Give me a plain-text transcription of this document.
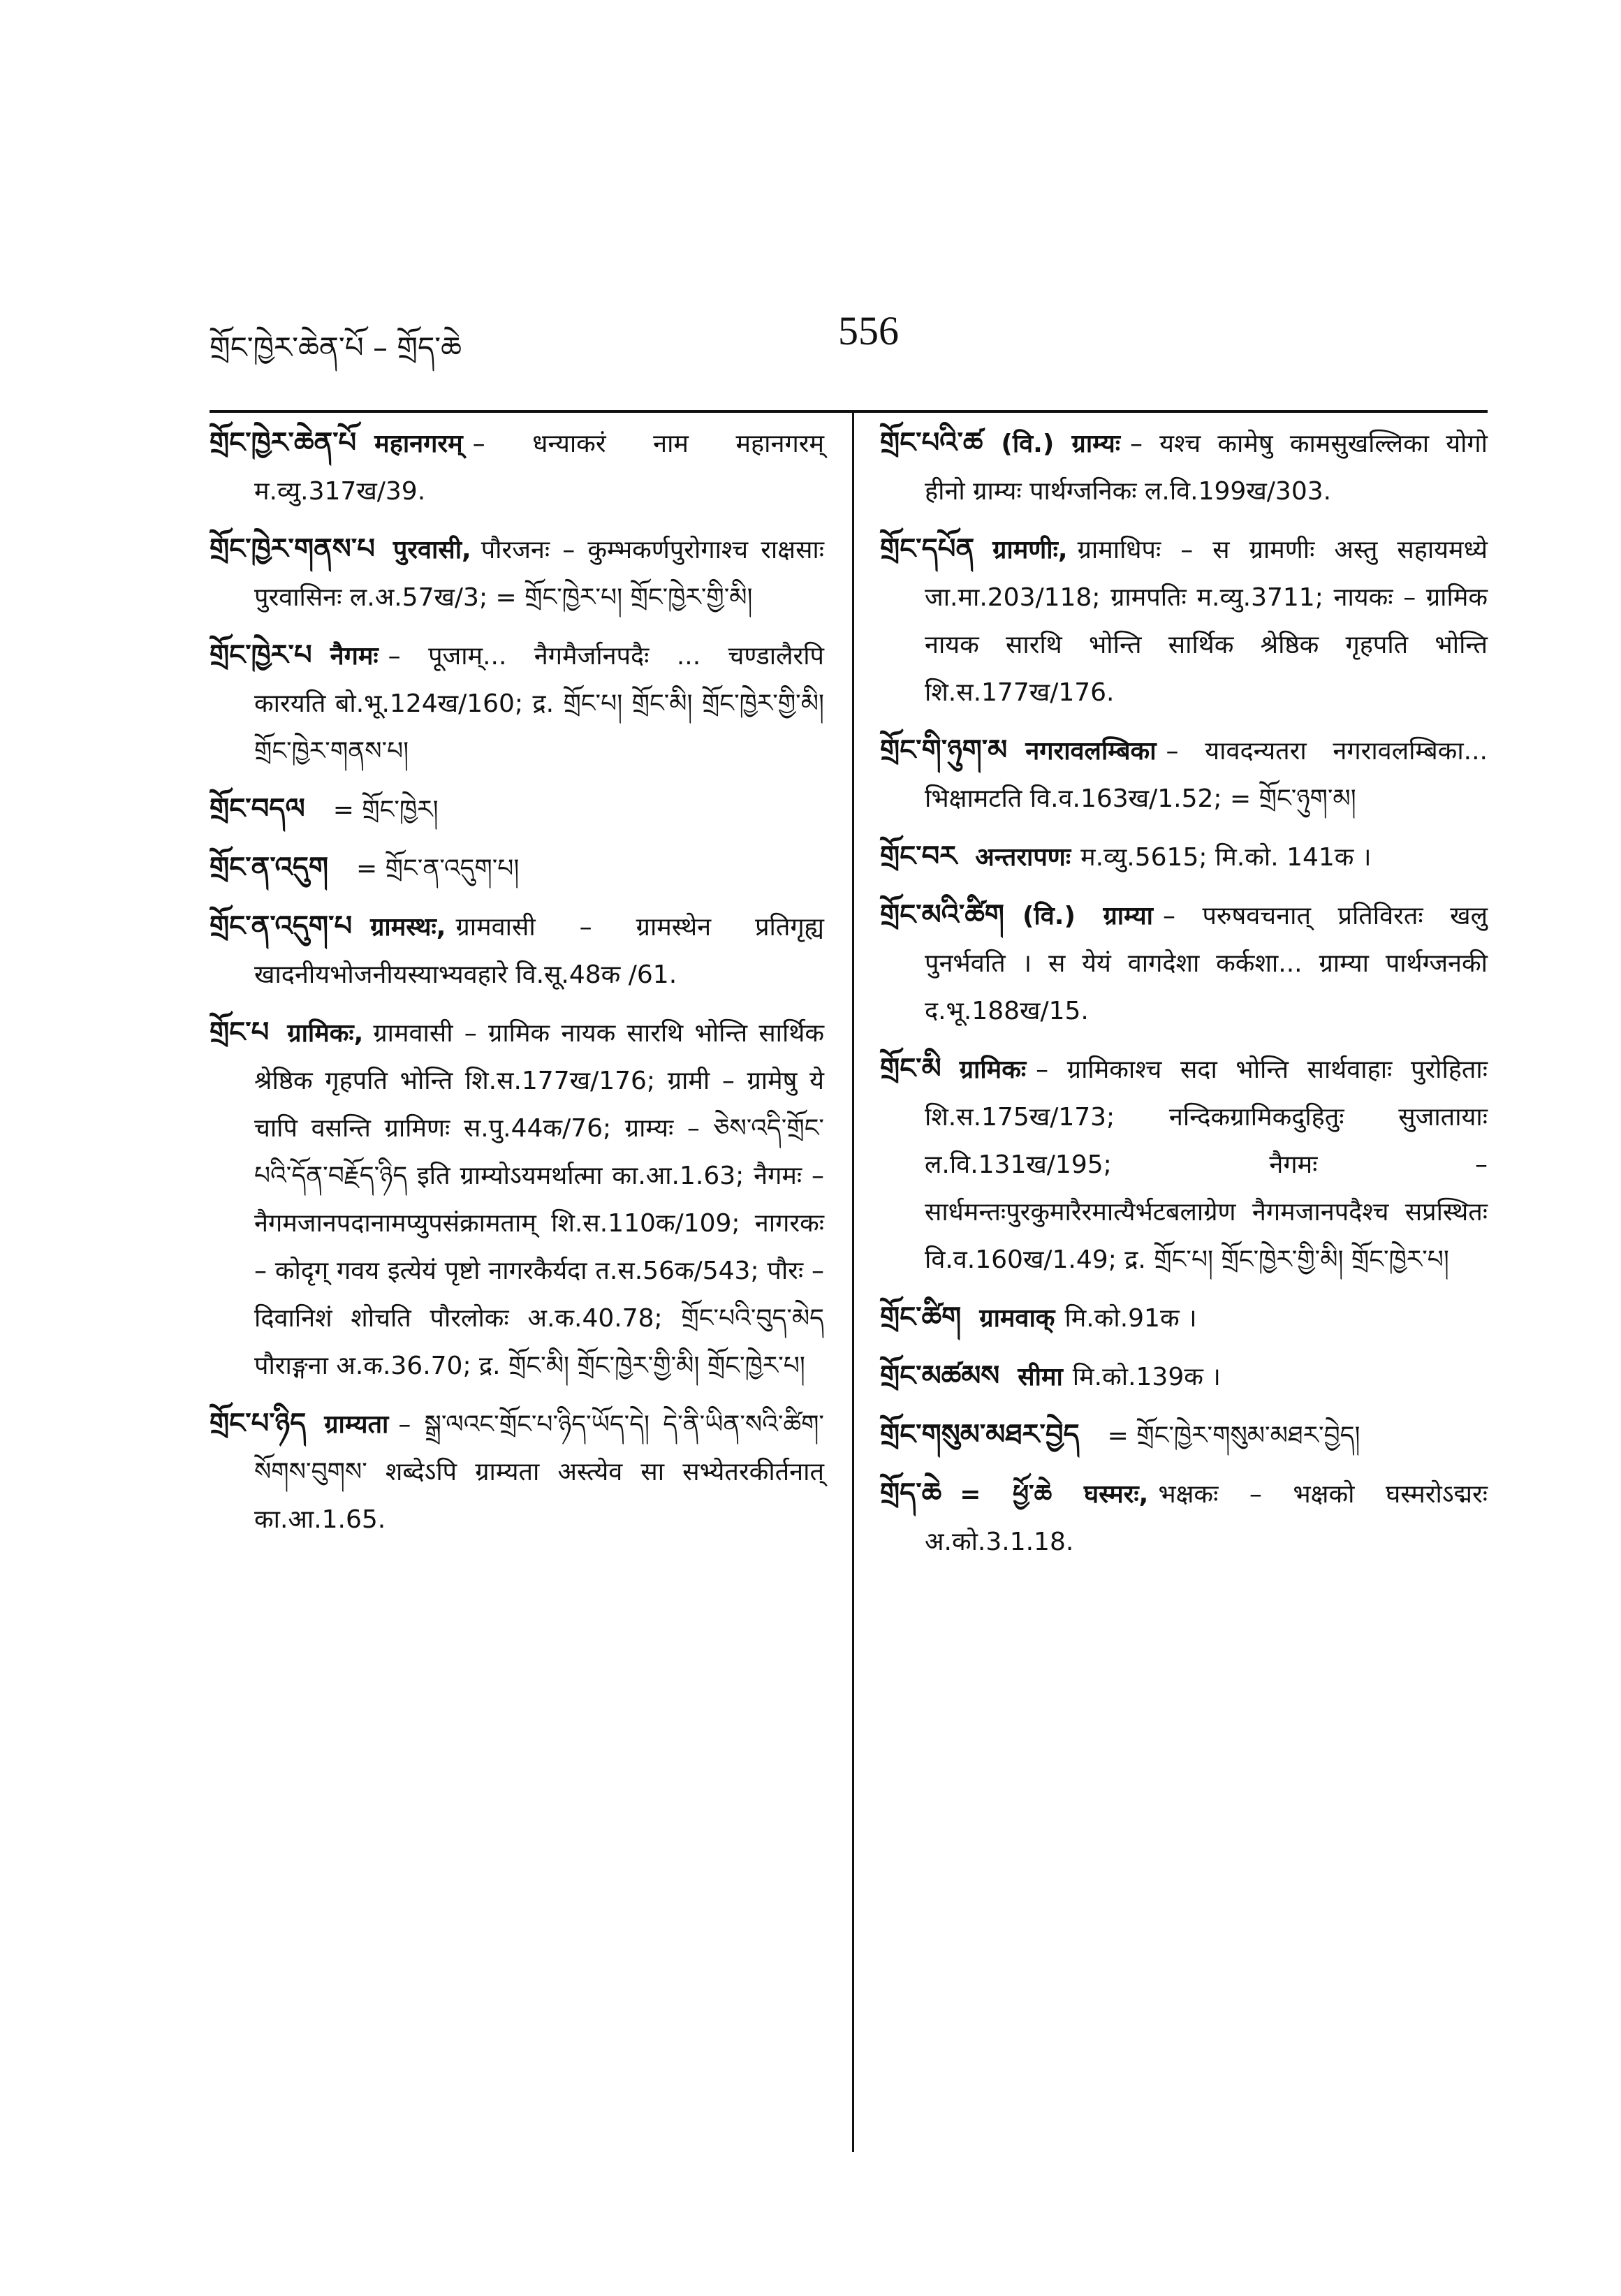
གྲོང་ཁྱེར་ཆེན་པོ – གྲོད་ཆེ	556

གྲོང་ཁྱེར་ཆེན་པོ महानगरम् – धन्याकरं नाम महानगरम् म.व्यु.317ख/39.

གྲོང་ཁྱེར་གནས་པ पुरवासी, पौरजनः – कुम्भकर्णपुरोगाश्च राक्षसाः पुरवासिनः ल.अ.57ख/3; = གྲོང་ཁྱེར་པ། གྲོང་ཁྱེར་གྱི་མི།

གྲོང་ཁྱེར་པ नैगमः – पूजाम्... नैगमैर्जानपदैः ... चण्डालैरपि कारयति बो.भू.124ख/160; द्र. གྲོང་པ། གྲོང་མི། གྲོང་ཁྱེར་གྱི་མི། གྲོང་ཁྱེར་གནས་པ།

གྲོང་བདལ = གྲོང་ཁྱེར།

གྲོང་ན་འདུག = གྲོང་ན་འདུག་པ།

གྲོང་ན་འདུག་པ ग्रामस्थः, ग्रामवासी – ग्रामस्थेन प्रतिगृह्य खादनीयभोजनीयस्याभ्यवहारे वि.सू.48क /61.

གྲོང་པ ग्रामिकः, ग्रामवासी – ग्रामिक नायक सारथि भोन्ति सार्थिक श्रेष्ठिक गृहपति भोन्ति शि.स.177ख/176; ग्रामी – ग्रामेषु ये चापि वसन्ति ग्रामिणः स.पु.44क/76; ग्राम्यः – ཅེས་འདི་གྲོང་པའི་དོན་བརྗོད་ཉིད इति ग्राम्योऽयमर्थात्मा का.आ.1.63; नैगमः – नैगमजानपदानामप्युपसंक्रामताम् शि.स.110क/109; नागरकः – कोदृग् गवय इत्येयं पृष्टो नागरकैर्यदा त.स.56क/543; पौरः – दिवानिशं शोचति पौरलोकः अ.क.40.78; གྲོང་པའི་བུད་མེད पौराङ्गना अ.क.36.70; द्र. གྲོང་མི། གྲོང་ཁྱེར་གྱི་མི། གྲོང་ཁྱེར་པ།

གྲོང་པ་ཉིད ग्राम्यता – སྒྲ་ལའང་གྲོང་པ་ཉིད་ཡོད་དེ། དེ་ནི་ཡིན་སའི་ཚིག་སོགས་བུགས་ शब्देऽपि ग्राम्यता अस्त्येव सा सभ्येतरकीर्तनात् का.आ.1.65.

གྲོང་པའི་ཚ (वि.) ग्राम्यः – यश्च कामेषु कामसुखल्लिका योगो हीनो ग्राम्यः पार्थग्जनिकः ल.वि.199ख/303.

གྲོང་དཔོན ग्रामणीः, ग्रामाधिपः – स ग्रामणीः अस्तु सहायमध्ये जा.मा.203/118; ग्रामपतिः म.व्यु.3711; नायकः – ग्रामिक नायक सारथि भोन्ति सार्थिक श्रेष्ठिक गृहपति भोन्ति शि.स.177ख/176.

གྲོང་གི་ཉུག་མ नगरावलम्बिका – यावदन्यतरा नगरावलम्बिका... भिक्षामटति वि.व.163ख/1.52; = གྲོང་ཉུག་མ།

གྲོང་བར अन्तरापणः म.व्यु.5615; मि.को. 141क ।

གྲོང་མའི་ཚིག (वि.) ग्राम्या – परुषवचनात् प्रतिविरतः खलु पुनर्भवति । स येयं वागदेशा कर्कशा... ग्राम्या पार्थग्जनकी द.भू.188ख/15.

གྲོང་མི ग्रामिकः – ग्रामिकाश्च सदा भोन्ति सार्थवाहाः पुरोहिताः शि.स.175ख/173; नन्दिकग्रामिकदुहितुः सुजातायाः ल.वि.131ख/195; नैगमः – सार्धमन्तःपुरकुमारैरमात्यैर्भटबलाग्रेण नैगमजानपदैश्च सप्रस्थितः वि.व.160ख/1.49; द्र. གྲོང་པ། གྲོང་ཁྱེར་གྱི་མི། གྲོང་ཁྱེར་པ།

གྲོང་ཚིག ग्रामवाक् मि.को.91क ।

གྲོང་མཚམས सीमा मि.को.139क ।

གྲོང་གསུམ་མཐར་བྱེད = གྲོང་ཁྱེར་གསུམ་མཐར་བྱེད།

གྲོད་ཆེ = ཕྱོ་ཆེ घस्मरः, भक्षकः – भक्षको घस्मरोऽद्मरः अ.को.3.1.18.
